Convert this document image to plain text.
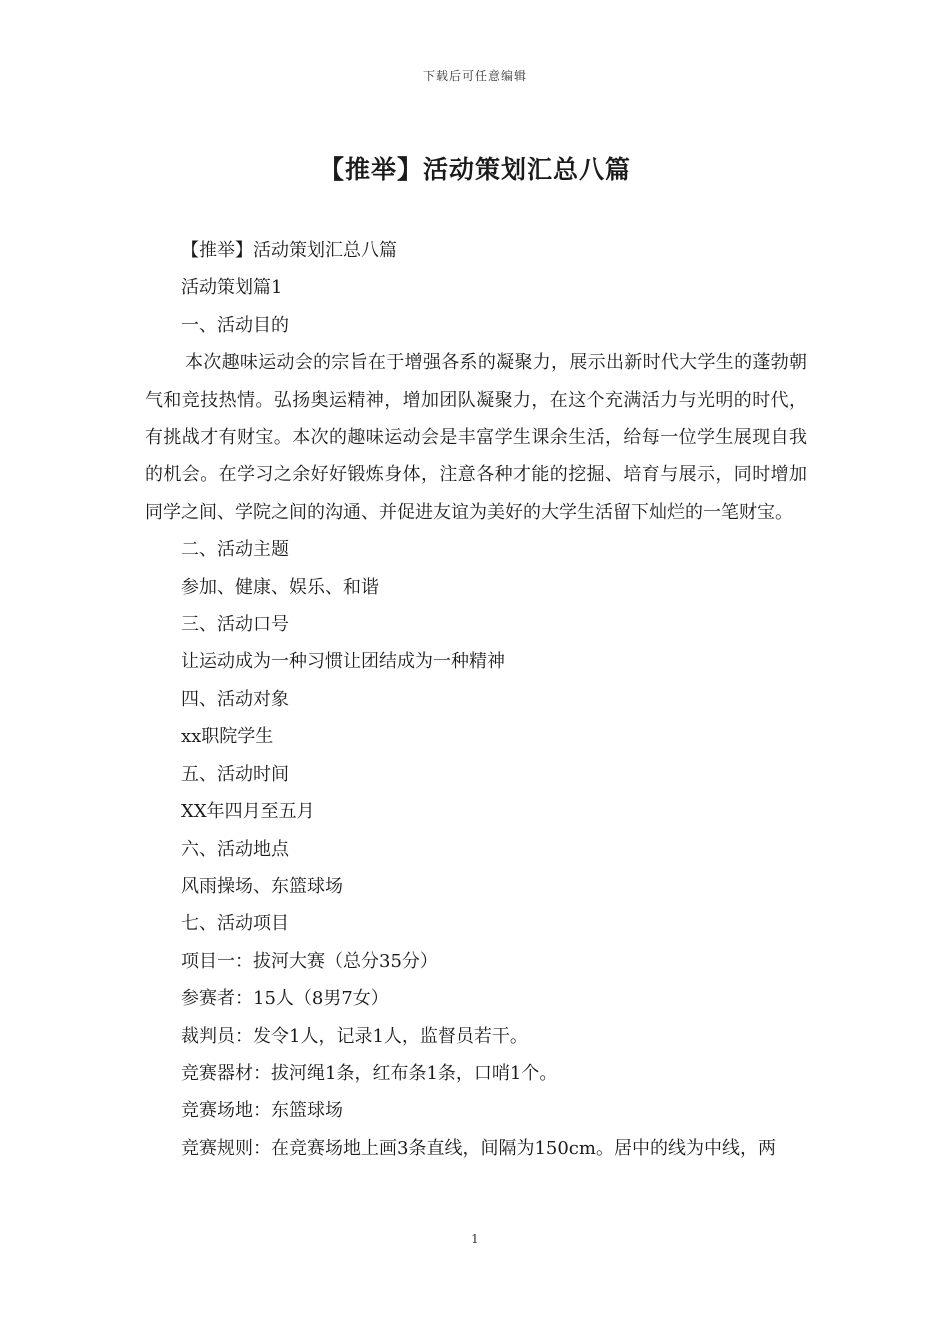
下载后可任意编辑
【推举】活动策划汇总八篇

【推举】活动策划汇总八篇

活动策划篇1

一、活动目的

本次趣味运动会的宗旨在于增强各系的凝聚力，展示出新时代大学生的蓬勃朝气和竞技热情。弘扬奥运精神，增加团队凝聚力，在这个充满活力与光明的时代，有挑战才有财宝。本次的趣味运动会是丰富学生课余生活，给每一位学生展现自我的机会。在学习之余好好锻炼身体，注意各种才能的挖掘、培育与展示，同时增加同学之间、学院之间的沟通、并促进友谊为美好的大学生活留下灿烂的一笔财宝。

二、活动主题

参加、健康、娱乐、和谐

三、活动口号

让运动成为一种习惯让团结成为一种精神

四、活动对象

xx职院学生

五、活动时间

XX年四月至五月

六、活动地点

风雨操场、东篮球场

七、活动项目

项目一：拔河大赛（总分35分）

参赛者：15人（8男7女）

裁判员：发令1人，记录1人，监督员若干。

竞赛器材：拔河绳1条，红布条1条，口哨1个。

竞赛场地：东篮球场

竞赛规则：在竞赛场地上画3条直线，间隔为150cm。居中的线为中线，两

1
